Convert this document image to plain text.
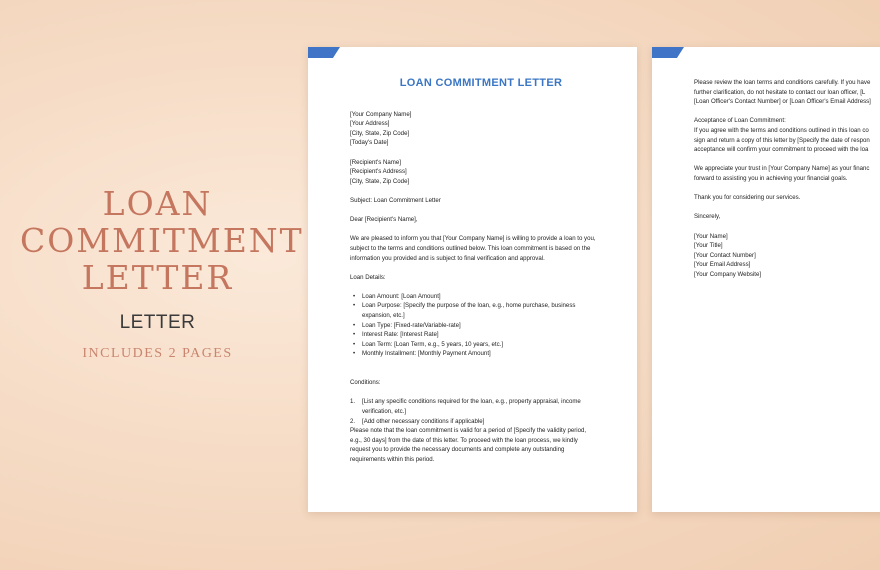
LOAN

COMMITMENT

LETTER

LETTER
INCLUDES 2 PAGES
LOAN COMMITMENT LETTER

[Your Company Name]

[Your Address]

[City, State, Zip Code]

[Today's Date]

[Recipient's Name]

[Recipient's Address]

[City, State, Zip Code]

Subject: Loan Commitment Letter

Dear [Recipient's Name],

We are pleased to inform you that [Your Company Name] is willing to provide a loan to you,

subject to the terms and conditions outlined below. This loan commitment is based on the

information you provided and is subject to final verification and approval.

Loan Details:

• Loan Amount: [Loan Amount]

• Loan Purpose: [Specify the purpose of the loan, e.g., home purchase, business

expansion, etc.]

• Loan Type: [Fixed-rate/Variable-rate]

• Interest Rate: [Interest Rate]

• Loan Term: [Loan Term, e.g., 5 years, 10 years, etc.]

• Monthly Installment: [Monthly Payment Amount]

Conditions:

1. [List any specific conditions required for the loan, e.g., property appraisal, income

verification, etc.]

2. [Add other necessary conditions if applicable]

Please note that the loan commitment is valid for a period of [Specify the validity period,

e.g., 30 days] from the date of this letter. To proceed with the loan process, we kindly

request you to provide the necessary documents and complete any outstanding

requirements within this period.

Please review the loan terms and conditions carefully. If you have

further clarification, do not hesitate to contact our loan officer, [L

[Loan Officer's Contact Number] or [Loan Officer's Email Address]

Acceptance of Loan Commitment:

If you agree with the terms and conditions outlined in this loan co

sign and return a copy of this letter by [Specify the date of respon

acceptance will confirm your commitment to proceed with the loa

We appreciate your trust in [Your Company Name] as your financ

forward to assisting you in achieving your financial goals.

Thank you for considering our services.

Sincerely,

[Your Name]

[Your Title]

[Your Contact Number]

[Your Email Address]

[Your Company Website]
